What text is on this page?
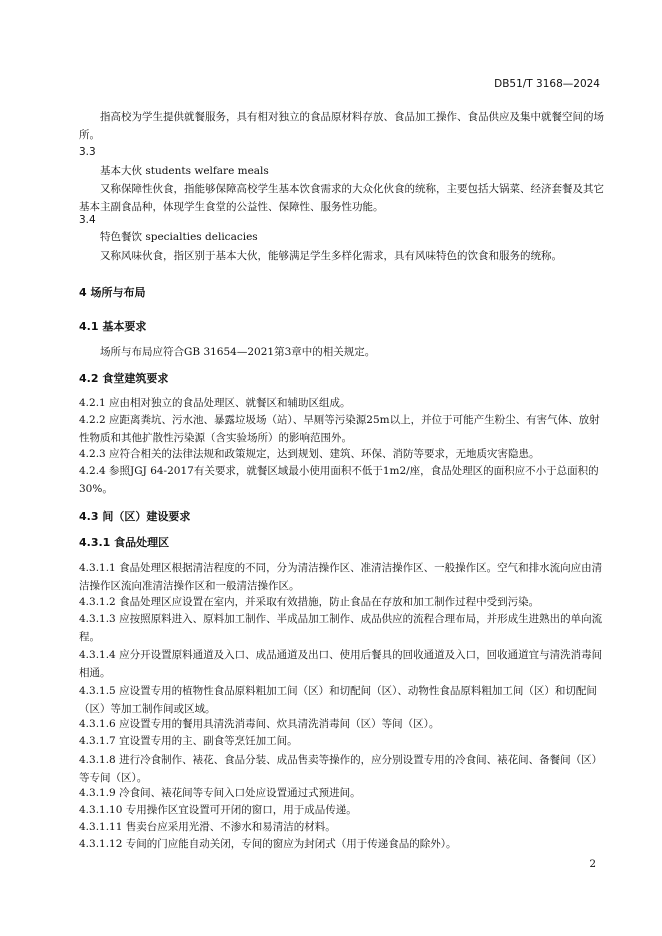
DB51/T 3168—2024
指高校为学生提供就餐服务，具有相对独立的食品原材料存放、食品加工操作、食品供应及集中就餐空间的场所。
3.3
基本大伙 students welfare meals
又称保障性伙食，指能够保障高校学生基本饮食需求的大众化伙食的统称，主要包括大锅菜、经济套餐及其它基本主副食品种，体现学生食堂的公益性、保障性、服务性功能。
3.4
特色餐饮 specialties delicacies
又称风味伙食，指区别于基本大伙，能够满足学生多样化需求，具有风味特色的饮食和服务的统称。
4 场所与布局
4.1 基本要求
场所与布局应符合GB 31654—2021第3章中的相关规定。
4.2 食堂建筑要求
4.2.1 应由相对独立的食品处理区、就餐区和辅助区组成。
4.2.2 应距离粪坑、污水池、暴露垃圾场（站）、旱厕等污染源25m以上，并位于可能产生粉尘、有害气体、放射性物质和其他扩散性污染源（含实验场所）的影响范围外。
4.2.3 应符合相关的法律法规和政策规定，达到规划、建筑、环保、消防等要求，无地质灾害隐患。
4.2.4 参照JGJ 64-2017有关要求，就餐区域最小使用面积不低于1m2/座，食品处理区的面积应不小于总面积的30%。
4.3 间（区）建设要求
4.3.1 食品处理区
4.3.1.1 食品处理区根据清洁程度的不同，分为清洁操作区、准清洁操作区、一般操作区。空气和排水流向应由清洁操作区流向准清洁操作区和一般清洁操作区。
4.3.1.2 食品处理区应设置在室内，并采取有效措施，防止食品在存放和加工制作过程中受到污染。
4.3.1.3 应按照原料进入、原料加工制作、半成品加工制作、成品供应的流程合理布局，并形成生进熟出的单向流程。
4.3.1.4 应分开设置原料通道及入口、成品通道及出口、使用后餐具的回收通道及入口，回收通道宜与清洗消毒间相通。
4.3.1.5 应设置专用的植物性食品原料粗加工间（区）和切配间（区）、动物性食品原料粗加工间（区）和切配间（区）等加工制作间或区域。
4.3.1.6 应设置专用的餐用具清洗消毒间、炊具清洗消毒间（区）等间（区）。
4.3.1.7 宜设置专用的主、副食等烹饪加工间。
4.3.1.8 进行冷食制作、裱花、食品分装、成品售卖等操作的，应分别设置专用的冷食间、裱花间、备餐间（区）等专间（区）。
4.3.1.9 冷食间、裱花间等专间入口处应设置通过式预进间。
4.3.1.10 专用操作区宜设置可开闭的窗口，用于成品传递。
4.3.1.11 售卖台应采用光滑、不渗水和易清洁的材料。
4.3.1.12 专间的门应能自动关闭，专间的窗应为封闭式（用于传递食品的除外）。
2
